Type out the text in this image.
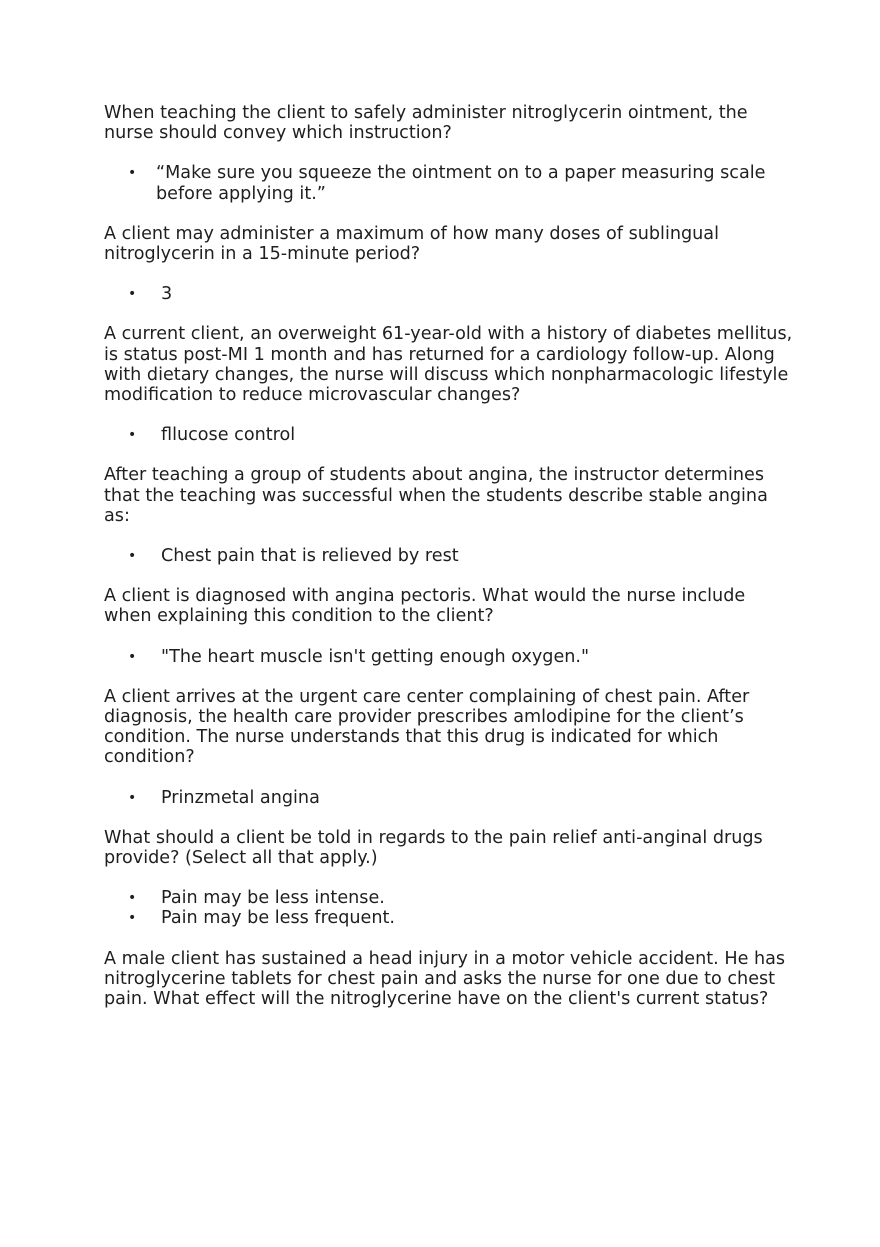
When teaching the client to safely administer nitroglycerin ointment, the nurse should convey which instruction?

• “Make sure you squeeze the ointment on to a paper measuring scale before applying it.”

A client may administer a maximum of how many doses of sublingual nitroglycerin in a 15-minute period?

• 3

A current client, an overweight 61-year-old with a history of diabetes mellitus, is status post-MI 1 month and has returned for a cardiology follow-up. Along with dietary changes, the nurse will discuss which nonpharmacologic lifestyle modification to reduce microvascular changes?

• fllucose control

After teaching a group of students about angina, the instructor determines that the teaching was successful when the students describe stable angina as:

• Chest pain that is relieved by rest

A client is diagnosed with angina pectoris. What would the nurse include when explaining this condition to the client?

• "The heart muscle isn't getting enough oxygen."

A client arrives at the urgent care center complaining of chest pain. After diagnosis, the health care provider prescribes amlodipine for the client’s condition. The nurse understands that this drug is indicated for which condition?

• Prinzmetal angina

What should a client be told in regards to the pain relief anti-anginal drugs provide? (Select all that apply.)

• Pain may be less intense.
• Pain may be less frequent.

A male client has sustained a head injury in a motor vehicle accident. He has nitroglycerine tablets for chest pain and asks the nurse for one due to chest pain. What effect will the nitroglycerine have on the client's current status?
